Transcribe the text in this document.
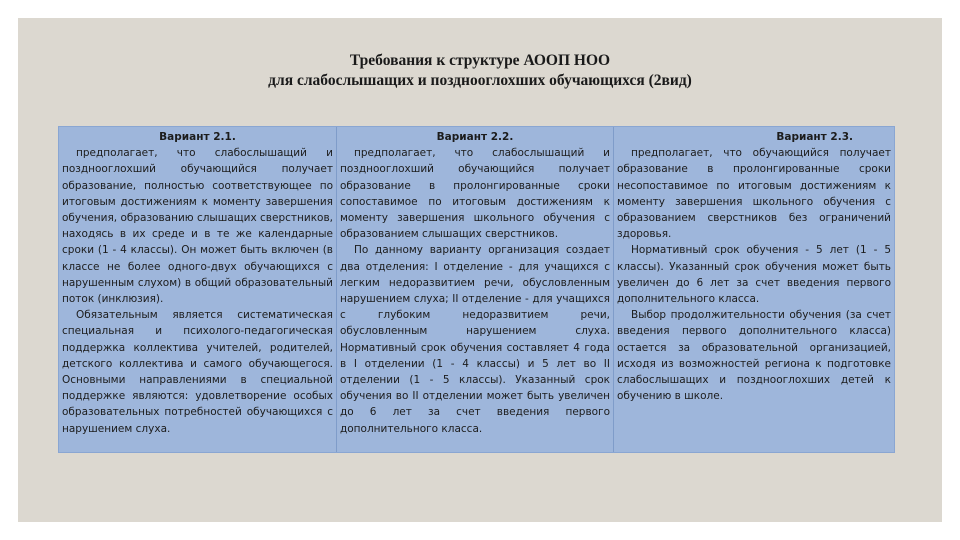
Требования к структуре АООП НОО
для слабослышащих и позднооглохших обучающихся (2вид)
Вариант 2.1.

предполагает, что слабослышащий и позднооглохший обучающийся получает образование, полностью соответствующее по итоговым достижениям к моменту завершения обучения, образованию слышащих сверстников, находясь в их среде и в те же календарные сроки (1 - 4 классы). Он может быть включен (в классе не более одного-двух обучающихся с нарушенным слухом) в общий образовательный поток (инклюзия).

Обязательным является систематическая специальная и психолого-педагогическая поддержка коллектива учителей, родителей, детского коллектива и самого обучающегося. Основными направлениями в специальной поддержке являются: удовлетворение особых образовательных потребностей обучающихся с нарушением слуха.

Вариант 2.2.

предполагает, что слабослышащий и позднооглохший обучающийся получает образование в пролонгированные сроки сопоставимое по итоговым достижениям к моменту завершения школьного обучения с образованием слышащих сверстников.

По данному варианту организация создает два отделения: I отделение - для учащихся с легким недоразвитием речи, обусловленным нарушением слуха; II отделение - для учащихся с глубоким недоразвитием речи, обусловленным нарушением слуха. Нормативный срок обучения составляет 4 года в I отделении (1 - 4 классы) и 5 лет во II отделении (1 - 5 классы). Указанный срок обучения во II отделении может быть увеличен до 6 лет за счет введения первого дополнительного класса.

Вариант 2.3.

предполагает, что обучающийся получает образование в пролонгированные сроки несопоставимое по итоговым достижениям к моменту завершения школьного обучения с образованием сверстников без ограничений здоровья.

Нормативный срок обучения - 5 лет (1 - 5 классы). Указанный срок обучения может быть увеличен до 6 лет за счет введения первого дополнительного класса.

Выбор продолжительности обучения (за счет введения первого дополнительного класса) остается за образовательной организацией, исходя из возможностей региона к подготовке слабослышащих и позднооглохших детей к обучению в школе.
